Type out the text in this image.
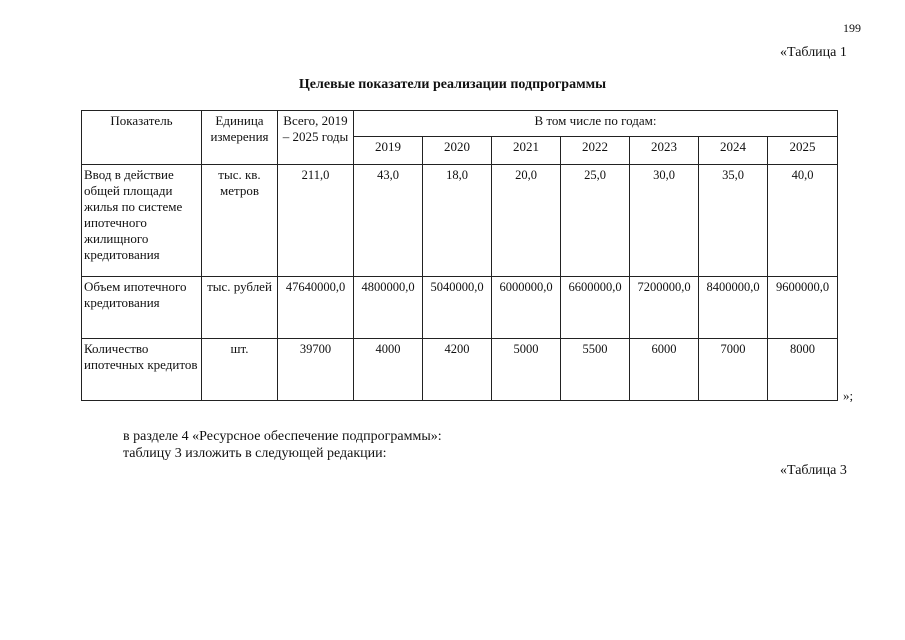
199
«Таблица 1
Целевые показатели реализации подпрограммы
Показатель	Единица измерения	Всего, 2019 – 2025 годы	В том числе по годам:						
			2019	2020	2021	2022	2023	2024	2025
Ввод в действие общей площади жилья по системе ипотечного жилищного кредитования	тыс. кв. метров	211,0	43,0	18,0	20,0	25,0	30,0	35,0	40,0
Объем ипотечного кредитования	тыс. рублей	47640000,0	4800000,0	5040000,0	6000000,0	6600000,0	7200000,0	8400000,0	9600000,0
Количество ипотечных кредитов	шт.	39700	4000	4200	5000	5500	6000	7000	8000
»;
в разделе 4 «Ресурсное обеспечение подпрограммы»:
таблицу 3 изложить в следующей редакции:
«Таблица 3
